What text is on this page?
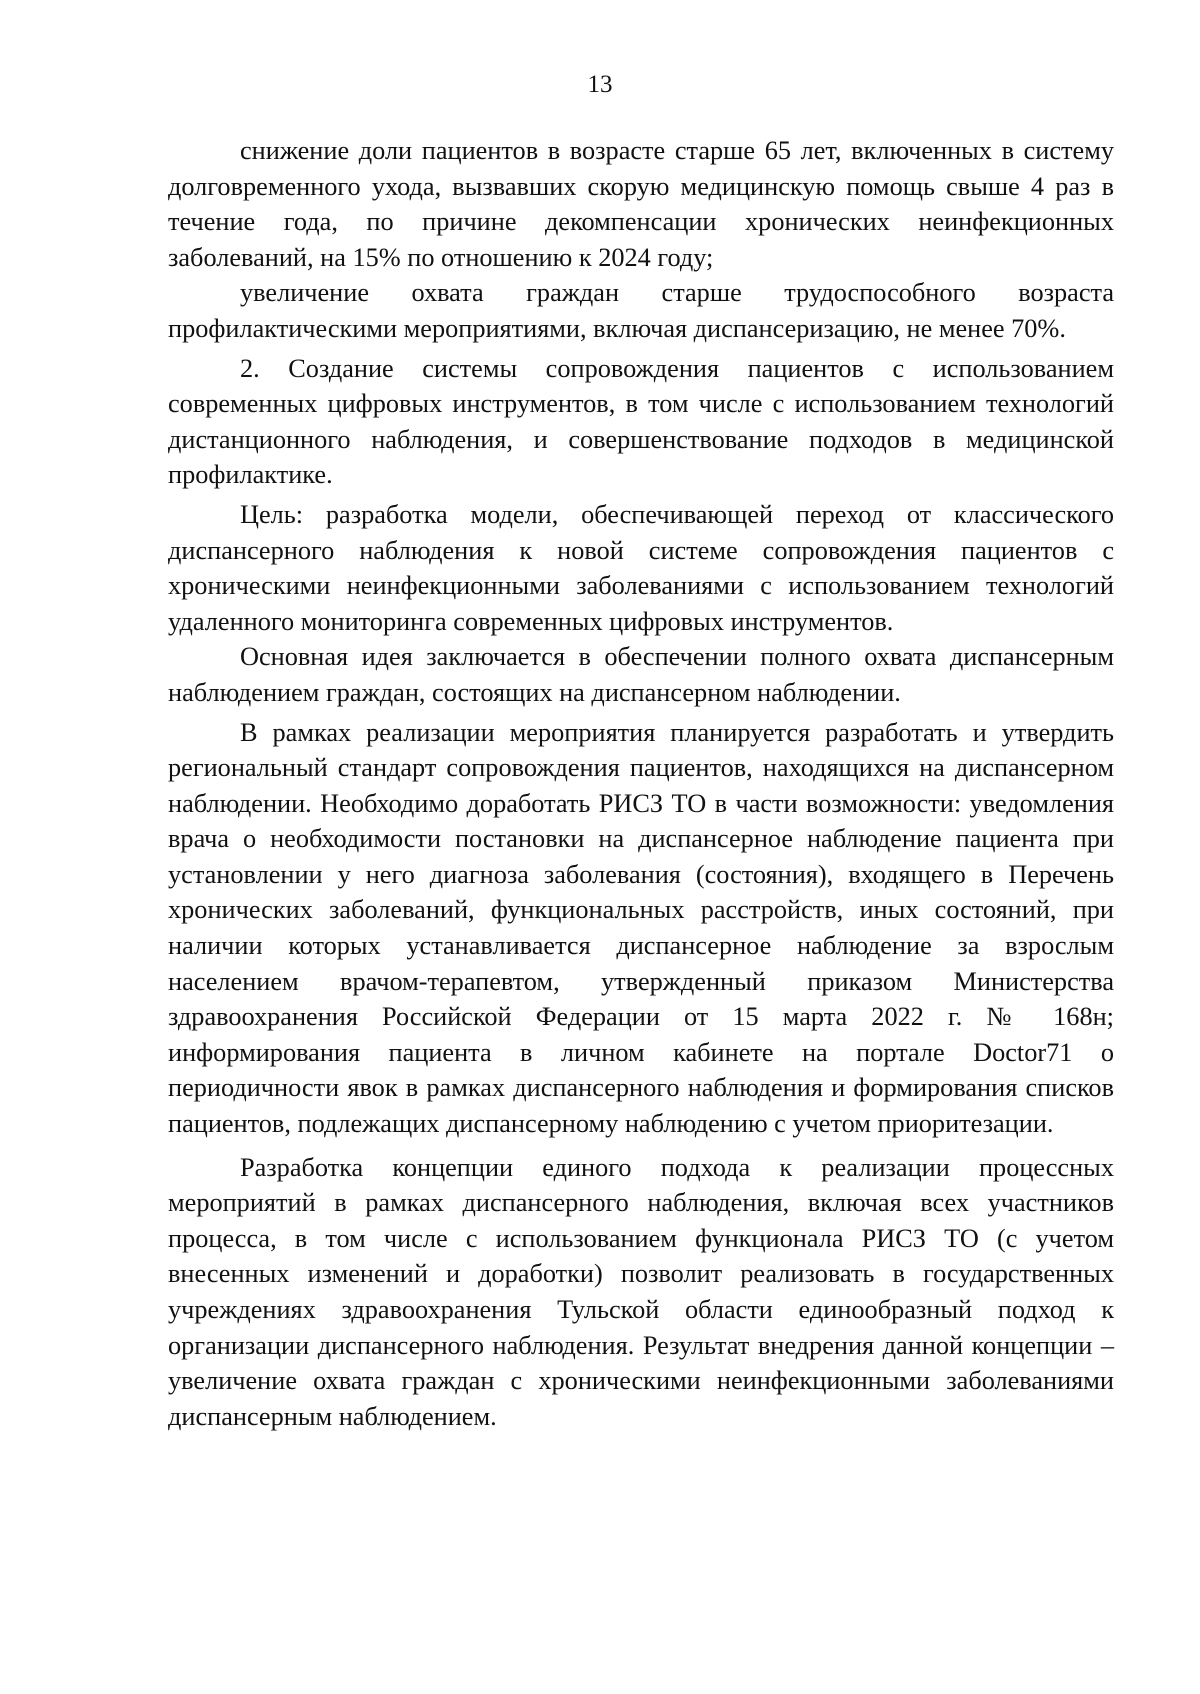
13

снижение доли пациентов в возрасте старше 65 лет, включенных в систему долговременного ухода, вызвавших скорую медицинскую помощь свыше 4 раз в течение года, по причине декомпенсации хронических неинфекционных заболеваний, на 15% по отношению к 2024 году;

увеличение охвата граждан старше трудоспособного возраста профилактическими мероприятиями, включая диспансеризацию, не менее 70%.

2. Создание системы сопровождения пациентов с использованием современных цифровых инструментов, в том числе с использованием технологий дистанционного наблюдения, и совершенствование подходов в медицинской профилактике.

Цель: разработка модели, обеспечивающей переход от классического диспансерного наблюдения к новой системе сопровождения пациентов с хроническими неинфекционными заболеваниями с использованием технологий удаленного мониторинга современных цифровых инструментов.

Основная идея заключается в обеспечении полного охвата диспансерным наблюдением граждан, состоящих на диспансерном наблюдении.

В рамках реализации мероприятия планируется разработать и утвердить региональный стандарт сопровождения пациентов, находящихся на диспансерном наблюдении. Необходимо доработать РИСЗ ТО в части возможности: уведомления врача о необходимости постановки на диспансерное наблюдение пациента при установлении у него диагноза заболевания (состояния), входящего в Перечень хронических заболеваний, функциональных расстройств, иных состояний, при наличии которых устанавливается диспансерное наблюдение за взрослым населением врачом-терапевтом, утвержденный приказом Министерства здравоохранения Российской Федерации от 15 марта 2022 г. № 168н; информирования пациента в личном кабинете на портале Doctor71 о периодичности явок в рамках диспансерного наблюдения и формирования списков пациентов, подлежащих диспансерному наблюдению с учетом приоритезации.

Разработка концепции единого подхода к реализации процессных мероприятий в рамках диспансерного наблюдения, включая всех участников процесса, в том числе с использованием функционала РИСЗ ТО (с учетом внесенных изменений и доработки) позволит реализовать в государственных учреждениях здравоохранения Тульской области единообразный подход к организации диспансерного наблюдения. Результат внедрения данной концепции – увеличение охвата граждан с хроническими неинфекционными заболеваниями диспансерным наблюдением.
